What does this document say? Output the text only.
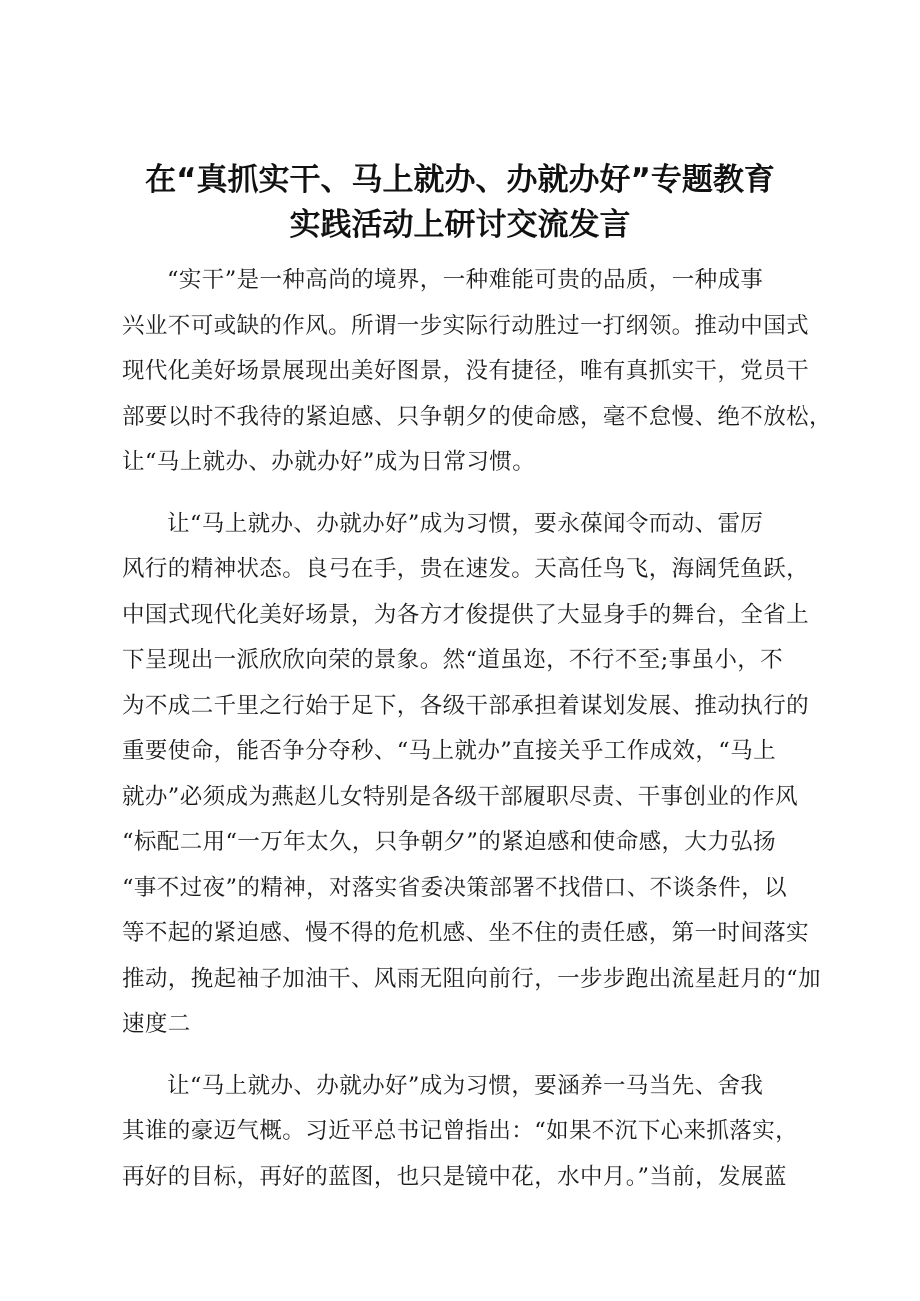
在“真抓实干、马上就办、办就办好”专题教育
实践活动上研讨交流发言
“实干”是一种高尚的境界，一种难能可贵的品质，一种成事
兴业不可或缺的作风。所谓一步实际行动胜过一打纲领。推动中国式
现代化美好场景展现出美好图景，没有捷径，唯有真抓实干，党员干
部要以时不我待的紧迫感、只争朝夕的使命感，毫不怠慢、绝不放松，
让“马上就办、办就办好”成为日常习惯。
让“马上就办、办就办好”成为习惯，要永葆闻令而动、雷厉
风行的精神状态。良弓在手，贵在速发。天高任鸟飞，海阔凭鱼跃，
中国式现代化美好场景，为各方才俊提供了大显身手的舞台，全省上
下呈现出一派欣欣向荣的景象。然“道虽迩，不行不至;事虽小，不
为不成二千里之行始于足下，各级干部承担着谋划发展、推动执行的
重要使命，能否争分夺秒、“马上就办”直接关乎工作成效，“马上
就办”必须成为燕赵儿女特别是各级干部履职尽责、干事创业的作风
“标配二用“一万年太久，只争朝夕”的紧迫感和使命感，大力弘扬
“事不过夜”的精神，对落实省委决策部署不找借口、不谈条件，以
等不起的紧迫感、慢不得的危机感、坐不住的责任感，第一时间落实
推动，挽起袖子加油干、风雨无阻向前行，一步步跑出流星赶月的“加
速度二
让“马上就办、办就办好”成为习惯，要涵养一马当先、舍我
其谁的豪迈气概。习近平总书记曾指出：“如果不沉下心来抓落实，
再好的目标，再好的蓝图，也只是镜中花，水中月。”当前，发展蓝
